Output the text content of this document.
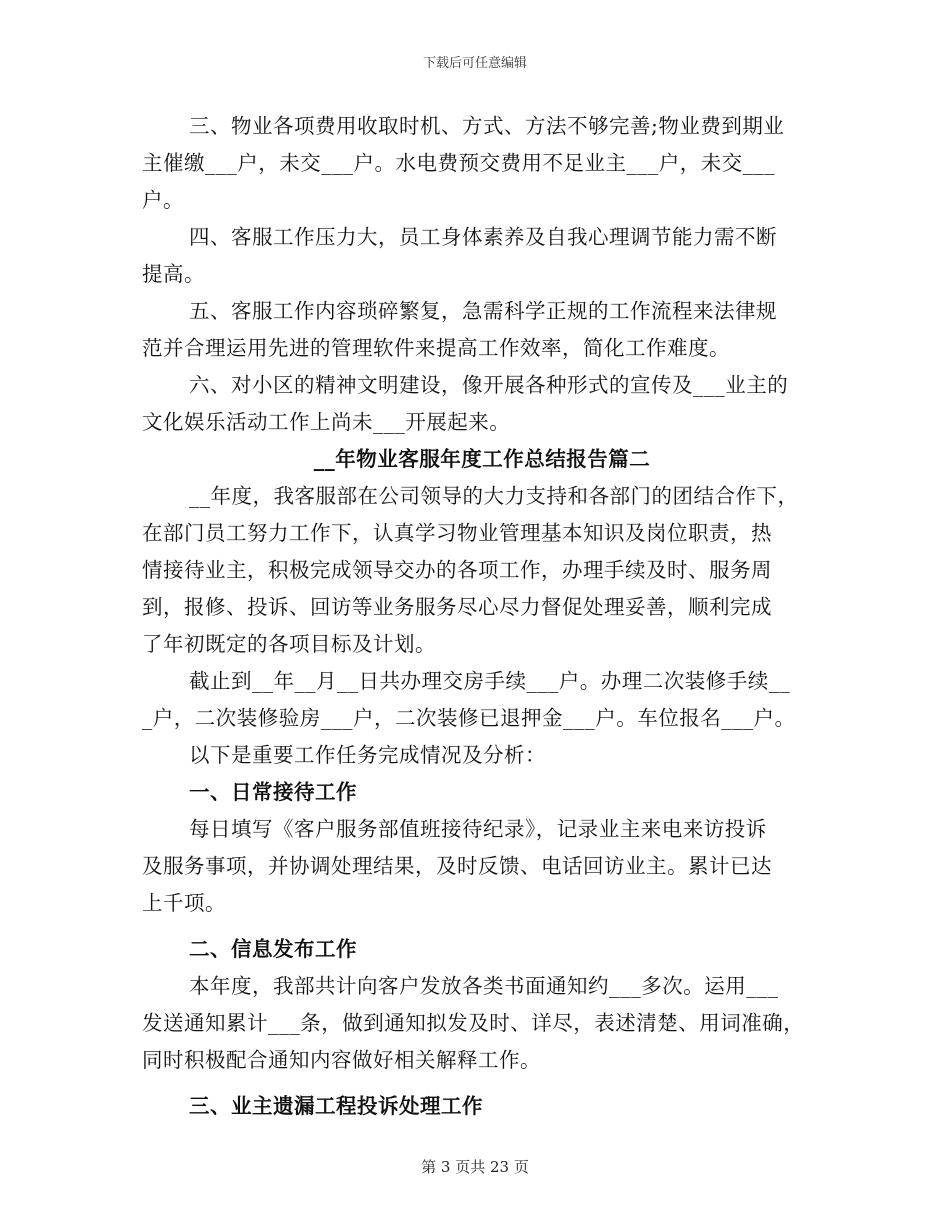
下载后可任意编辑
三、物业各项费用收取时机、方式、方法不够完善;物业费到期业
主催缴___户，未交___户。水电费预交费用不足业主___户，未交___
户。
四、客服工作压力大，员工身体素养及自我心理调节能力需不断
提高。
五、客服工作内容琐碎繁复，急需科学正规的工作流程来法律规
范并合理运用先进的管理软件来提高工作效率，简化工作难度。
六、对小区的精神文明建设，像开展各种形式的宣传及___业主的
文化娱乐活动工作上尚未___开展起来。
__年物业客服年度工作总结报告篇二
__年度，我客服部在公司领导的大力支持和各部门的团结合作下，
在部门员工努力工作下，认真学习物业管理基本知识及岗位职责，热
情接待业主，积极完成领导交办的各项工作，办理手续及时、服务周
到，报修、投诉、回访等业务服务尽心尽力督促处理妥善，顺利完成
了年初既定的各项目标及计划。
截止到__年__月__日共办理交房手续___户。办理二次装修手续__
_户，二次装修验房___户，二次装修已退押金___户。车位报名___户。
以下是重要工作任务完成情况及分析：
一、日常接待工作
每日填写《客户服务部值班接待纪录》，记录业主来电来访投诉
及服务事项，并协调处理结果，及时反馈、电话回访业主。累计已达
上千项。
二、信息发布工作
本年度，我部共计向客户发放各类书面通知约___多次。运用___
发送通知累计___条，做到通知拟发及时、详尽，表述清楚、用词准确，
同时积极配合通知内容做好相关解释工作。
三、业主遗漏工程投诉处理工作
第 3 页共 23 页
